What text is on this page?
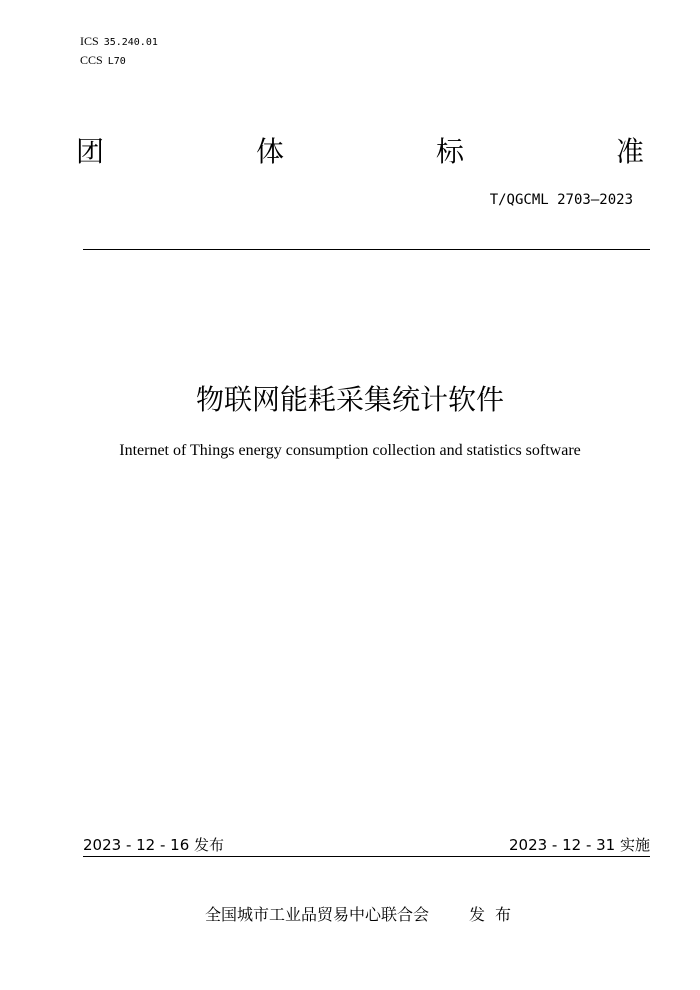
ICS 35.240.01
CCS L70
团	体	标	准
T/QGCML 2703—2023
物联网能耗采集统计软件
Internet of Things energy consumption collection and statistics software
2023 - 12 - 16 发布	2023 - 12 - 31 实施
全国城市工业品贸易中心联合会 发布
